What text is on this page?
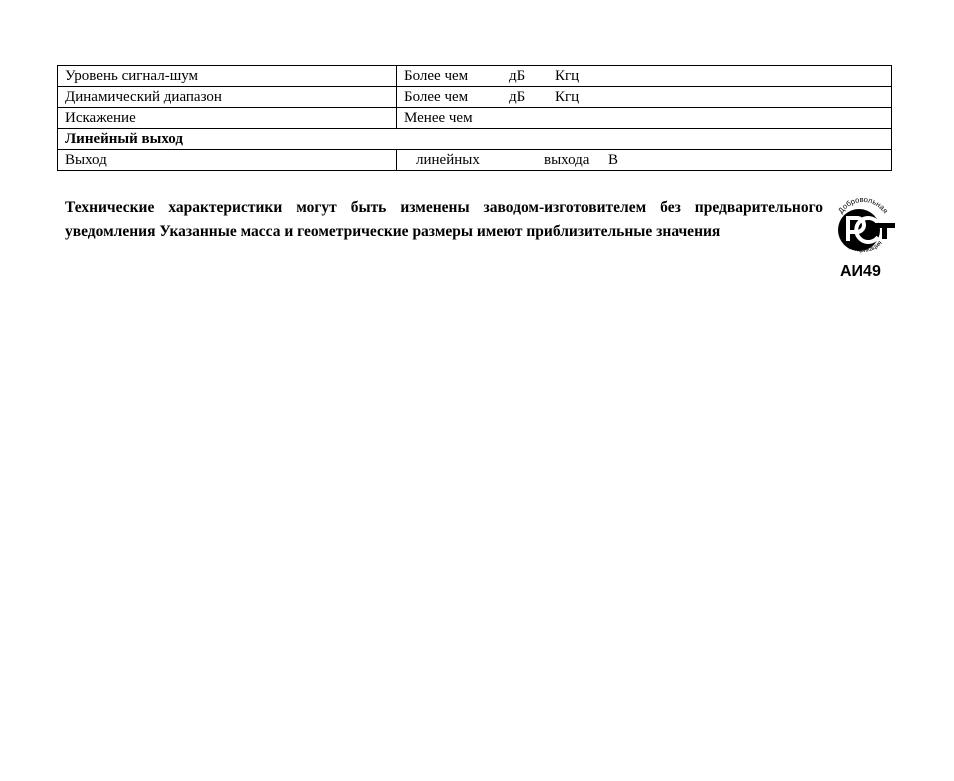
Уровень сигнал-шум	Более чем дБ Кгц
Динамический диапазон	Более чем дБ Кгц
Искажение	Менее чем
Линейный выход	
Выход	линейных выхода В

Технические характеристики могут быть изменены заводом-изготовителем без предварительного уведомления Указанные масса и геометрические размеры имеют приблизительные значения

Добровольная
сертификация
АИ49
